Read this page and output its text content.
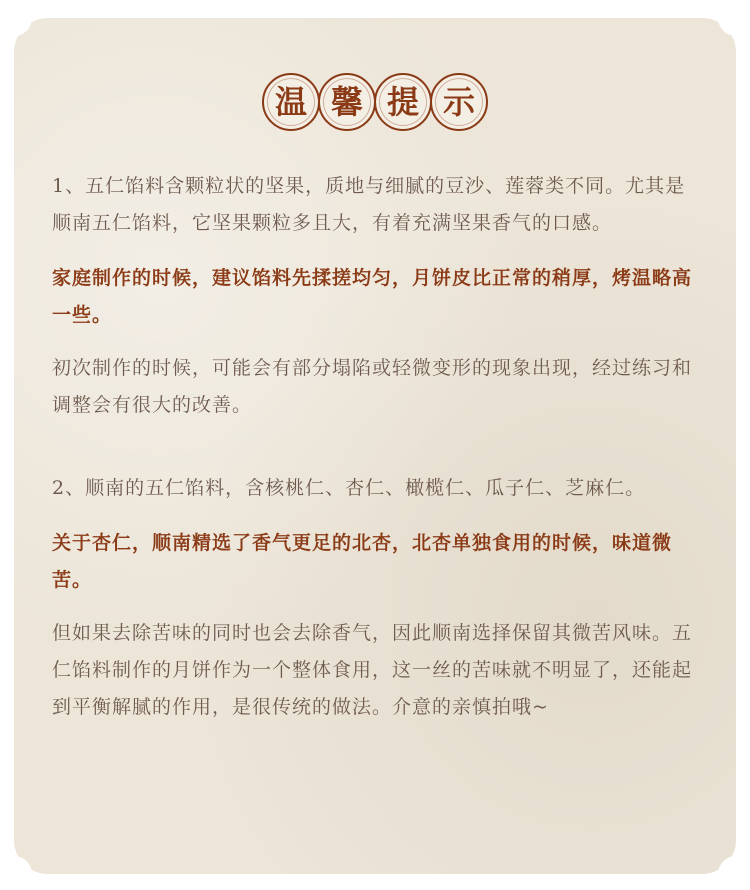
温 馨 提 示

1、五仁馅料含颗粒状的坚果，质地与细腻的豆沙、莲蓉类不同。尤其是顺南五仁馅料，它坚果颗粒多且大，有着充满坚果香气的口感。

家庭制作的时候，建议馅料先揉搓均匀，月饼皮比正常的稍厚，烤温略高一些。

初次制作的时候，可能会有部分塌陷或轻微变形的现象出现，经过练习和调整会有很大的改善。

2、顺南的五仁馅料，含核桃仁、杏仁、橄榄仁、瓜子仁、芝麻仁。

关于杏仁，顺南精选了香气更足的北杏，北杏单独食用的时候，味道微苦。

但如果去除苦味的同时也会去除香气，因此顺南选择保留其微苦风味。五仁馅料制作的月饼作为一个整体食用，这一丝的苦味就不明显了，还能起到平衡解腻的作用，是很传统的做法。介意的亲慎拍哦~
